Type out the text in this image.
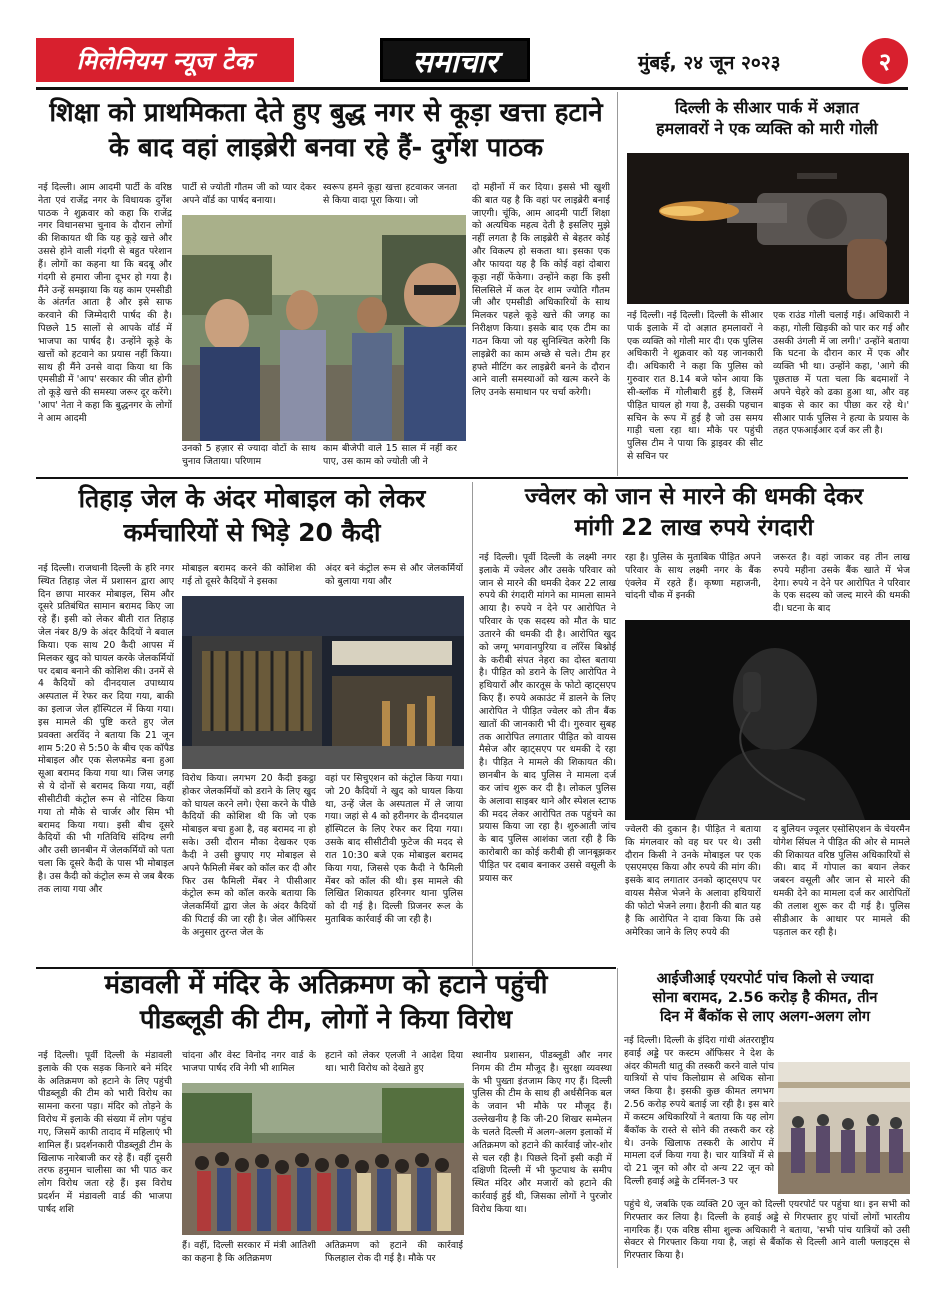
मिलेनियम न्यूज टेक	समाचार	मुंबई, २४ जून २०२३	२
शिक्षा को प्राथमिकता देते हुए बुद्ध नगर से कूड़ा खत्ता हटाने
के बाद वहां लाइब्रेरी बनवा रहे हैं- दुर्गेश पाठक
नई दिल्ली। आम आदमी पार्टी के वरिष्ठ नेता एवं राजेंद्र नगर के विधायक दुर्गेश पाठक ने शुक्रवार को कहा कि राजेंद्र नगर विधानसभा चुनाव के दौरान लोगों की शिकायत थी कि यह कूड़े खत्ते और उससे होने वाली गंदगी से बहुत परेशान हैं। लोगों का कहना था कि बदबू और गंदगी से हमारा जीना दूभर हो गया है। मैंने उन्हें समझाया कि यह काम एमसीडी के अंतर्गत आता है और इसे साफ करवाने की जिम्मेदारी पार्षद की है। पिछले 15 सालों से आपके वॉर्ड में भाजपा का पार्षद है। उन्होंने कूड़े के खत्तों को हटवाने का प्रयास नहीं किया। साथ ही मैंने उनसे वादा किया था कि एमसीडी में 'आप' सरकार की जीत होगी तो कूड़े खत्ते की समस्या जरूर दूर करेंगे। 'आप' नेता ने कहा कि बुद्धनगर के लोगों ने आम आदमी
पार्टी से ज्योती गौतम जी को प्यार देकर अपने वॉर्ड का पार्षद बनाया।
स्वरूप हमने कूड़ा खत्ता हटवाकर जनता से किया वादा पूरा किया। जो
उनको 5 हज़ार से ज्यादा वोटों के साथ चुनाव जिताया। परिणाम
काम बीजेपी वाले 15 साल में नहीं कर पाए, उस काम को ज्योती जी ने
दो महीनों में कर दिया। इससे भी खुशी की बात यह है कि वहां पर लाइब्रेरी बनाई जाएगी। चूंकि, आम आदमी पार्टी शिक्षा को अत्यधिक महत्व देती है इसलिए मुझे नहीं लगता है कि लाइब्रेरी से बेहतर कोई और विकल्प हो सकता था। इसका एक और फायदा यह है कि कोई वहां दोबारा कूड़ा नहीं फेंकेगा। उन्होंने कहा कि इसी सिलसिले में कल देर शाम ज्योति गौतम जी और एमसीडी अधिकारियों के साथ मिलकर पहले कूड़े खत्ते की जगह का निरीक्षण किया। इसके बाद एक टीम का गठन किया जो यह सुनिश्चित करेगी कि लाइब्रेरी का काम अच्छे से चले। टीम हर हफ्ते मीटिंग कर लाइब्रेरी बनने के दौरान आने वाली समस्याओं को खत्म करने के लिए उनके समाधान पर चर्चा करेगी।
दिल्ली के सीआर पार्क में अज्ञात
हमलावरों ने एक व्यक्ति को मारी गोली
नई दिल्ली। नई दिल्ली। दिल्ली के सीआर पार्क इलाके में दो अज्ञात हमलावरों ने एक व्यक्ति को गोली मार दी। एक पुलिस अधिकारी ने शुक्रवार को यह जानकारी दी। अधिकारी ने कहा कि पुलिस को गुरुवार रात 8.14 बजे फोन आया कि सी-ब्लॉक में गोलीबारी हुई है, जिसमें पीड़ित घायल हो गया है, उसकी पहचान सचिन के रूप में हुई है जो उस समय गाड़ी चला रहा था। मौके पर पहुंची पुलिस टीम ने पाया कि ड्राइवर की सीट से सचिन पर
एक राउंड गोली चलाई गई। अधिकारी ने कहा, गोली खिड़की को पार कर गई और उसकी उंगली में जा लगी।' उन्होंने बताया कि घटना के दौरान कार में एक और व्यक्ति भी था। उन्होंने कहा, 'आगे की पूछताछ में पता चला कि बदमाशों ने अपने चेहरे को ढका हुआ था, और वह बाइक से कार का पीछा कर रहे थे।' सीआर पार्क पुलिस ने हत्या के प्रयास के तहत एफआईआर दर्ज कर ली है।
तिहाड़ जेल के अंदर मोबाइल को लेकर
कर्मचारियों से भिड़े 20 कैदी
नई दिल्ली। राजधानी दिल्ली के हरि नगर स्थित तिहाड़ जेल में प्रशासन द्वारा आए दिन छापा मारकर मोबाइल, सिम और दूसरे प्रतिबंधित सामान बरामद किए जा रहे हैं। इसी को लेकर बीती रात तिहाड़ जेल नंबर 8/9 के अंदर कैदियों ने बवाल किया। एक साथ 20 कैदी आपस में मिलकर खुद को घायल करके जेलकर्मियों पर दबाव बनाने की कोशिश की। उनमें से 4 कैदियों को दीनदयाल उपाध्याय अस्पताल में रेफर कर दिया गया, बाकी का इलाज जेल हॉस्पिटल में किया गया। इस मामले की पुष्टि करते हुए जेल प्रवक्ता अरविंद ने बताया कि 21 जून शाम 5:20 से 5:50 के बीच एक कॉपैड मोबाइल और एक सेलफमेड बना हुआ सूआ बरामद किया गया था। जिस जगह से ये दोनों से बरामद किया गया, वहीं सीसीटीवी कंट्रोल रूम से नोटिस किया गया तो मौके से चार्जर और सिम भी बरामद किया गया। इसी बीच दूसरे कैदियों की भी गतिविधि संदिग्ध लगी और उसी छानबीन में जेलकर्मियों को पता चला कि दूसरे कैदी के पास भी मोबाइल है। उस कैदी को कंट्रोल रूम से जब बैरक तक लाया गया और
मोबाइल बरामद करने की कोशिश की गई तो दूसरे कैदियों ने इसका
अंदर बने कंट्रोल रूम से और जेलकर्मियों को बुलाया गया और
विरोध किया। लगभग 20 कैदी इकट्ठा होकर जेलकर्मियों को डराने के लिए खुद को घायल करने लगे। ऐसा करने के पीछे कैदियों की कोशिश थी कि जो एक मोबाइल बचा हुआ है, वह बरामद ना हो सके। उसी दौरान मौका देखकर एक कैदी ने उसी छुपाए गए मोबाइल से अपने फैमिली मेंबर को कॉल कर दी और फिर उस फैमिली मेंबर ने पीसीआर कंट्रोल रूम को कॉल करके बताया कि जेलकर्मियों द्वारा जेल के अंदर कैदियों की पिटाई की जा रही है। जेल ऑफिसर के अनुसार तुरन्त जेल के
वहां पर सिचुएशन को कंट्रोल किया गया। जो 20 कैदियों ने खुद को घायल किया था, उन्हें जेल के अस्पताल में ले जाया गया। जहां से 4 को हरीनगर के दीनदयाल हॉस्पिटल के लिए रेफर कर दिया गया। उसके बाद सीसीटीवी फुटेज की मदद से रात 10:30 बजे एक मोबाइल बरामद किया गया, जिससे एक कैदी ने फैमिली मेंबर को कॉल की थी। इस मामले की लिखित शिकायत हरिनगर थाना पुलिस को दी गई है। दिल्ली प्रिजनर रूल के मुताबिक कार्रवाई की जा रही है।
ज्वेलर को जान से मारने की धमकी देकर
मांगी 22 लाख रुपये रंगदारी
नई दिल्ली। पूर्वी दिल्ली के लक्ष्मी नगर इलाके में ज्वेलर और उसके परिवार को जान से मारने की धमकी देकर 22 लाख रुपये की रंगदारी मांगने का मामला सामने आया है। रुपये न देने पर आरोपित ने परिवार के एक सदस्य को मौत के घाट उतारने की धमकी दी है। आरोपित खुद को जग्गू भगवानपुरिया व लॉरेंस बिश्नोई के करीबी संपत नेहरा का दोस्त बताया है। पीड़ित को डराने के लिए आरोपित ने हथियारों और कारतूस के फोटो व्हाट्सएप किए हैं। रुपये अकाउंट में डालने के लिए आरोपित ने पीड़ित ज्वेलर को तीन बैंक खातों की जानकारी भी दी। गुरुवार सुबह तक आरोपित लगातार पीड़ित को वायस मैसेज और व्हाट्सएप पर धमकी दे रहा है। पीड़ित ने मामले की शिकायत की। छानबीन के बाद पुलिस ने मामला दर्ज कर जांच शुरू कर दी है। लोकल पुलिस के अलावा साइबर थाने और स्पेशल स्टाफ की मदद लेकर आरोपित तक पहुंचने का प्रयास किया जा रहा है। शुरुआती जांच के बाद पुलिस आशंका जता रही है कि कारोबारी का कोई करीबी ही जानबूझकर पीड़ित पर दबाव बनाकर उससे वसूली के प्रयास कर
रहा है। पुलिस के मुताबिक पीड़ित अपने परिवार के साथ लक्ष्मी नगर के बैंक एंक्लेव में रहते हैं। कृष्णा महाजनी, चांदनी चौक में इनकी
जरूरत है। वहां जाकर वह तीन लाख रुपये महीना उसके बैंक खाते में भेज देगा। रुपये न देने पर आरोपित ने परिवार के एक सदस्य को जल्द मारने की धमकी दी। घटना के बाद
ज्वेलरी की दुकान है। पीड़ित ने बताया कि मंगलवार को वह घर पर थे। उसी दौरान किसी ने उनके मोबाइल पर एक एसएमएस किया और रुपये की मांग की। इसके बाद लगातार उनको व्हाट्सएप पर वायस मैसेज भेजने के अलावा हथियारों की फोटो भेजने लगा। हैरानी की बात यह है कि आरोपित ने दावा किया कि उसे अमेरिका जाने के लिए रुपये की
द बुलियन ज्वूलर एसोसिएशन के चेयरमैन योगेश सिंघल ने पीड़ित की ओर से मामले की शिकायत वरिष्ठ पुलिस अधिकारियों से की। बाद में गोपाल का बयान लेकर जबरन वसूली और जान से मारने की धमकी देने का मामला दर्ज कर आरोपितों की तलाश शुरू कर दी गई है। पुलिस सीडीआर के आधार पर मामले की पड़ताल कर रही है।
मंडावली में मंदिर के अतिक्रमण को हटाने पहुंची
पीडब्लूडी की टीम, लोगों ने किया विरोध
नई दिल्ली। पूर्वी दिल्ली के मंडावली इलाके की एक सड़क किनारे बने मंदिर के अतिक्रमण को हटाने के लिए पहुंची पीडब्लूडी की टीम को भारी विरोध का सामना करना पड़ा। मंदिर को तोड़ने के विरोध में इलाके की संख्या में लोग पहुंच गए, जिसमें काफी तादाद में महिलाएं भी शामिल हैं। प्रदर्शनकारी पीडब्लूडी टीम के खिलाफ नारेबाजी कर रहे हैं। वहीं दूसरी तरफ हनुमान चालीसा का भी पाठ कर लोग विरोध जता रहे हैं। इस विरोध प्रदर्शन में मंडावली वार्ड की भाजपा पार्षद शशि
चांदना और वेस्ट विनोद नगर वार्ड के भाजपा पार्षद रवि नेगी भी शामिल
हटाने को लेकर एलजी ने आदेश दिया था। भारी विरोध को देखते हुए
हैं। वहीं, दिल्ली सरकार में मंत्री आतिशी का कहना है कि अतिक्रमण
अतिक्रमण को हटाने की कार्रवाई फिलहाल रोक दी गई है। मौके पर
स्थानीय प्रशासन, पीडब्लूडी और नगर निगम की टीम मौजूद है। सुरक्षा व्यवस्था के भी पुख्ता इंतजाम किए गए हैं। दिल्ली पुलिस की टीम के साथ ही अर्धसैनिक बल के जवान भी मौके पर मौजूद हैं। उल्लेखनीय है कि जी-20 शिखर सम्मेलन के चलते दिल्ली में अलग-अलग इलाकों में अतिक्रमण को हटाने की कार्रवाई जोर-शोर से चल रही है। पिछले दिनों इसी कड़ी में दक्षिणी दिल्ली में भी फुटपाथ के समीप स्थित मंदिर और मजारों को हटाने की कार्रवाई हुई थी, जिसका लोगों ने पुरजोर विरोध किया था।
आईजीआई एयरपोर्ट पांच किलो से ज्यादा
सोना बरामद, 2.56 करोड़ है कीमत, तीन
दिन में बैंकॉक से लाए अलग-अलग लोग
नई दिल्ली। दिल्ली के इंदिरा गांधी अंतरराष्ट्रीय हवाई अड्डे पर कस्टम ऑफिसर ने देश के अंदर कीमती धातु की तस्करी करने वाले पांच यात्रियों से पांच किलोग्राम से अधिक सोना जब्त किया है। इसकी कुछ कीमत लगभग 2.56 करोड़ रुपये बताई जा रही है। इस बारे में कस्टम अधिकारियों ने बताया कि यह लोग बैंकॉक के रास्ते से सोने की तस्करी कर रहे थे। उनके खिलाफ तस्करी के आरोप में मामला दर्ज किया गया है। चार यात्रियों में से दो 21 जून को और दो अन्य 22 जून को दिल्ली हवाई अड्डे के टर्मिनल-3 पर
पहुंचे थे, जबकि एक व्यक्ति 20 जून को दिल्ली एयरपोर्ट पर पहुंचा था। इन सभी को गिरफ्तार कर लिया है। दिल्ली के हवाई अड्डे से गिरफ्तार हुए पांचों लोगों भारतीय नागरिक हैं। एक वरिष्ठ सीमा शुल्क अधिकारी ने बताया, 'सभी पांच यात्रियों को उसी सेक्टर से गिरफ्तार किया गया है, जहां से बैंकॉक से दिल्ली आने वाली फ्लाइट्स से गिरफ्तार किया है।
